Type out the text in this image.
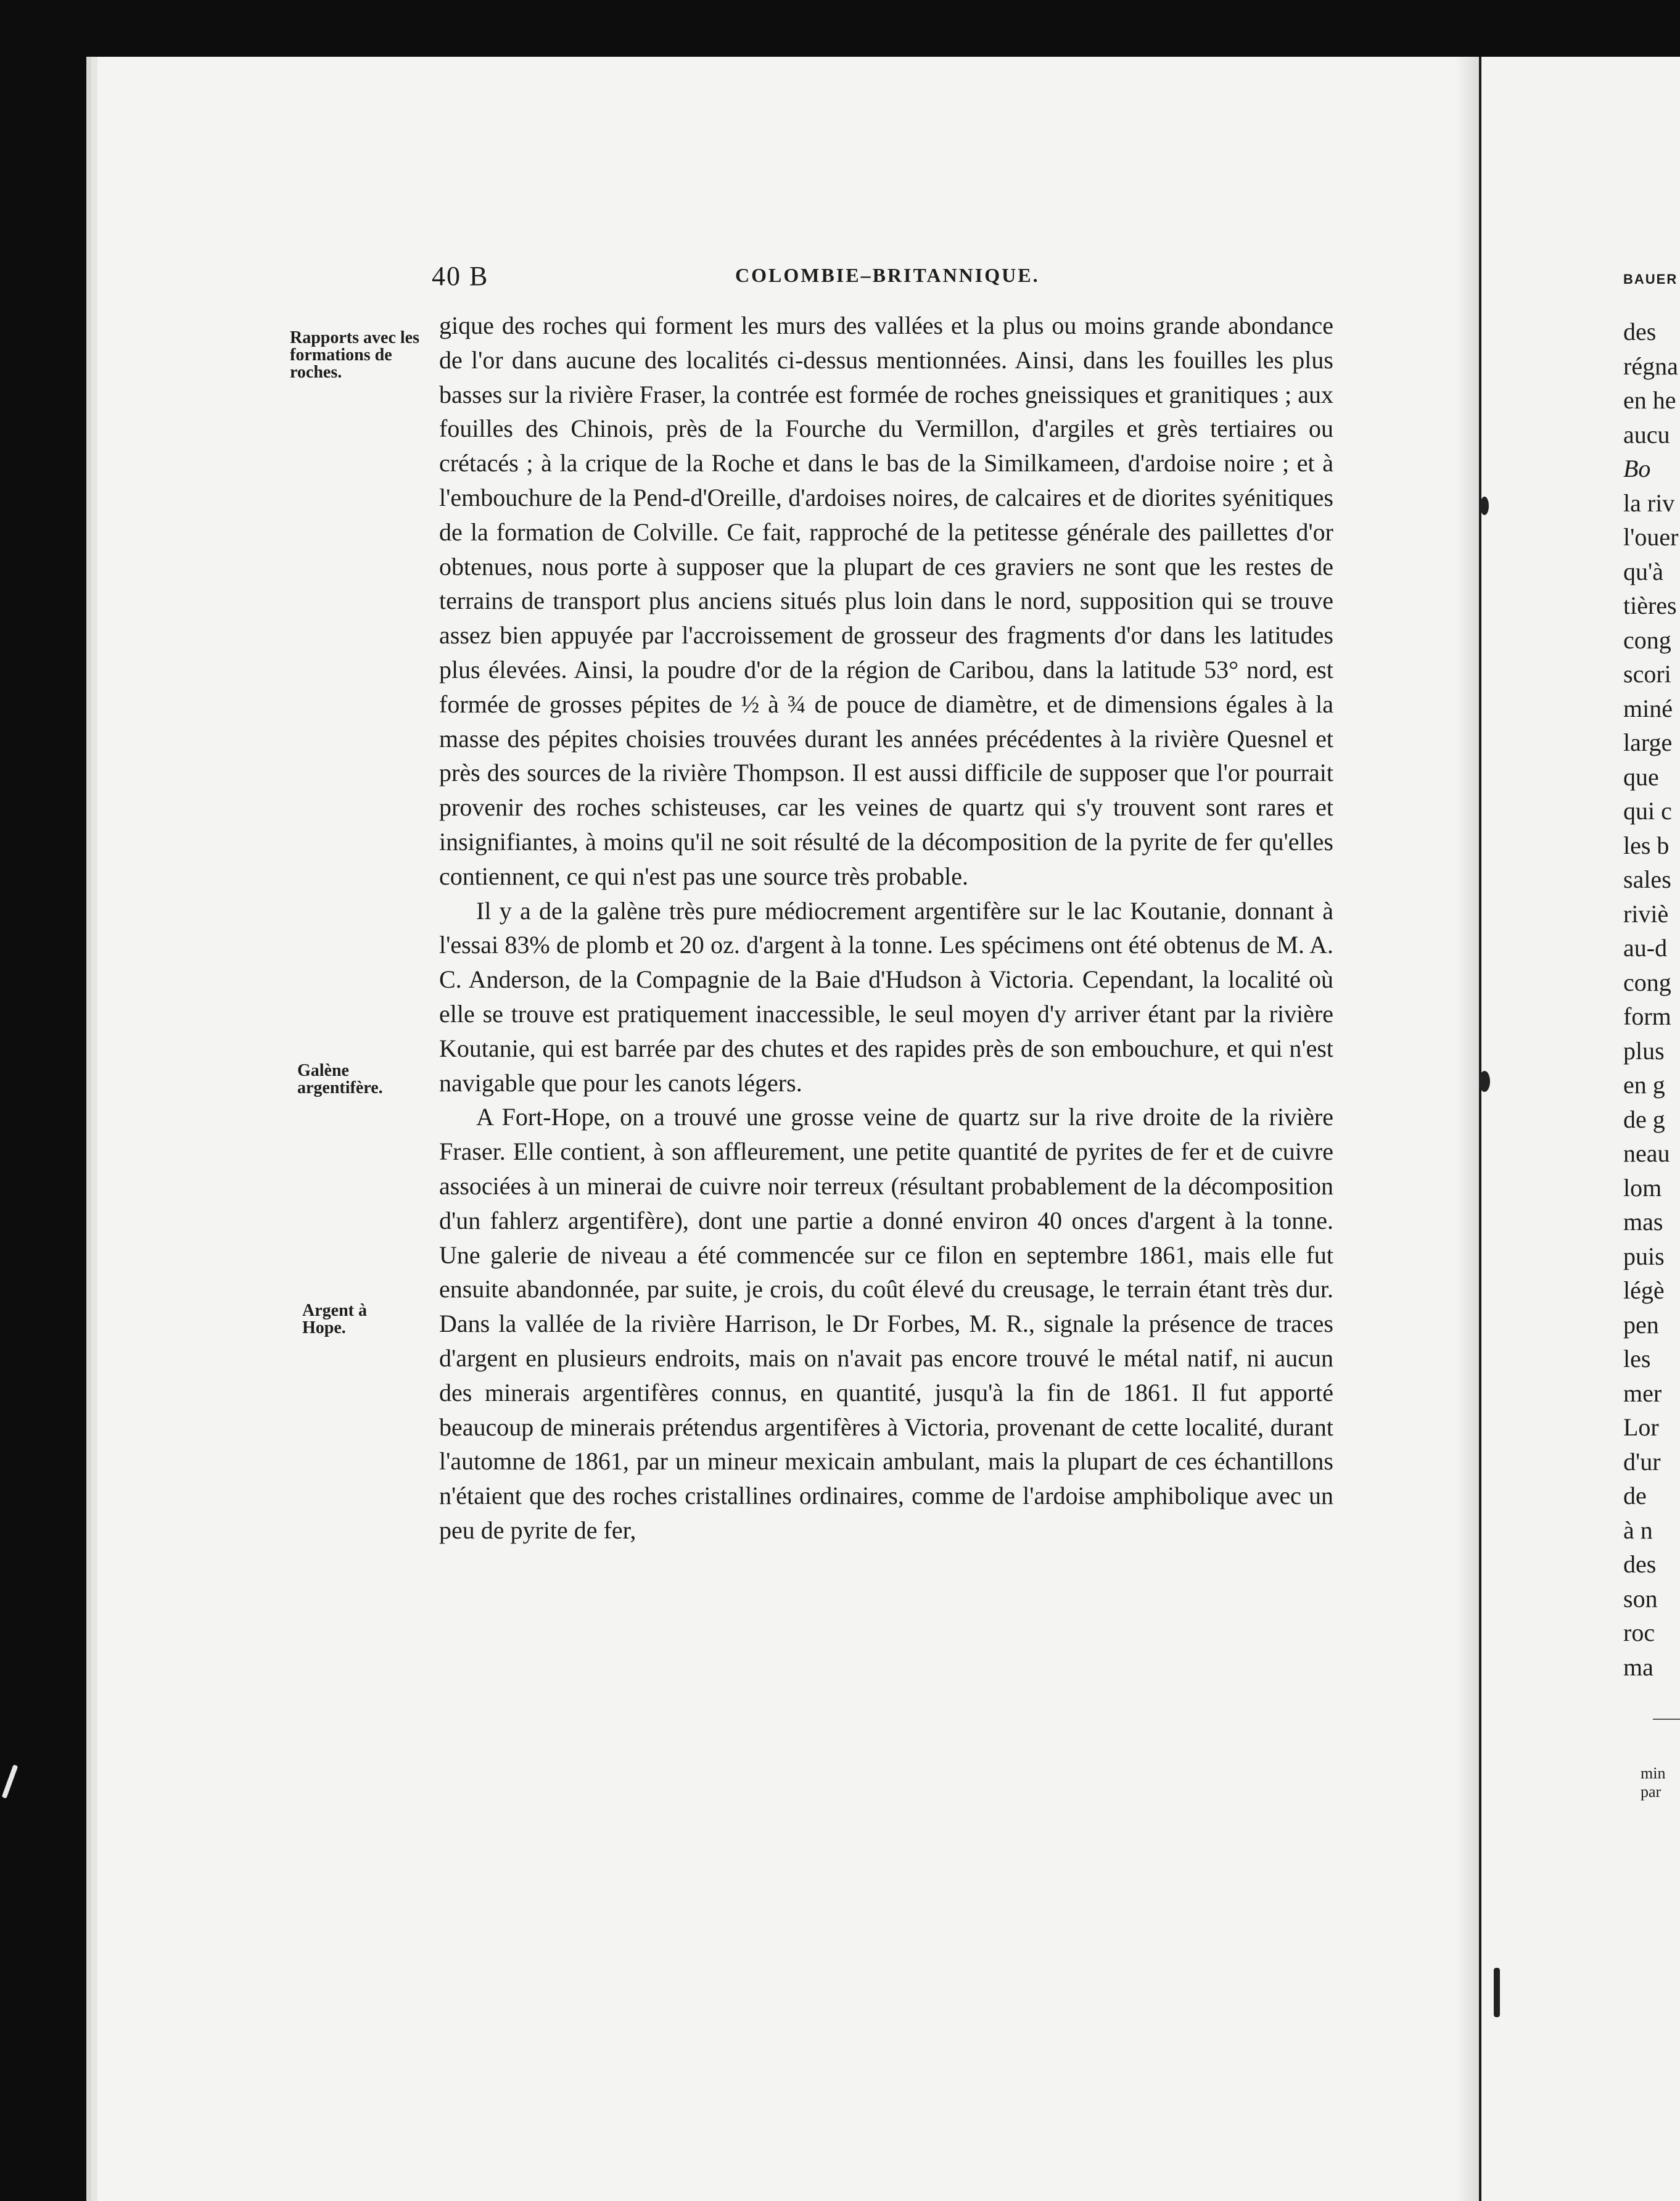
40 B	COLOMBIE–BRITANNIQUE.
Rapports avec les formations de roches.
Galène argentifère.
Argent à Hope.

gique des roches qui forment les murs des vallées et la plus ou moins grande abondance de l'or dans aucune des localités ci-dessus mentionnées. Ainsi, dans les fouilles les plus basses sur la rivière Fraser, la contrée est formée de roches gneissiques et granitiques ; aux fouilles des Chinois, près de la Fourche du Vermillon, d'argiles et grès tertiaires ou crétacés ; à la crique de la Roche et dans le bas de la Similkameen, d'ardoise noire ; et à l'embouchure de la Pend-d'Oreille, d'ardoises noires, de calcaires et de diorites syénitiques de la formation de Colville. Ce fait, rapproché de la petitesse générale des paillettes d'or obtenues, nous porte à supposer que la plupart de ces graviers ne sont que les restes de terrains de transport plus anciens situés plus loin dans le nord, supposition qui se trouve assez bien appuyée par l'accroissement de grosseur des fragments d'or dans les latitudes plus élevées. Ainsi, la poudre d'or de la région de Caribou, dans la latitude 53° nord, est formée de grosses pépites de ½ à ¾ de pouce de diamètre, et de dimensions égales à la masse des pépites choisies trouvées durant les années précédentes à la rivière Quesnel et près des sources de la rivière Thompson. Il est aussi difficile de supposer que l'or pourrait provenir des roches schisteuses, car les veines de quartz qui s'y trouvent sont rares et insignifiantes, à moins qu'il ne soit résulté de la décomposition de la pyrite de fer qu'elles contiennent, ce qui n'est pas une source très probable.

Il y a de la galène très pure médiocrement argentifère sur le lac Koutanie, donnant à l'essai 83% de plomb et 20 oz. d'argent à la tonne. Les spécimens ont été obtenus de M. A. C. Anderson, de la Compagnie de la Baie d'Hudson à Victoria. Cependant, la localité où elle se trouve est pratiquement inaccessible, le seul moyen d'y arriver étant par la rivière Koutanie, qui est barrée par des chutes et des rapides près de son embouchure, et qui n'est navigable que pour les canots légers.

A Fort-Hope, on a trouvé une grosse veine de quartz sur la rive droite de la rivière Fraser. Elle contient, à son affleurement, une petite quantité de pyrites de fer et de cuivre associées à un minerai de cuivre noir terreux (résultant probablement de la décomposition d'un fahlerz argentifère), dont une partie a donné environ 40 onces d'argent à la tonne. Une galerie de niveau a été commencée sur ce filon en septembre 1861, mais elle fut ensuite abandonnée, par suite, je crois, du coût élevé du creusage, le terrain étant très dur. Dans la vallée de la rivière Harrison, le Dr Forbes, M. R., signale la présence de traces d'argent en plusieurs endroits, mais on n'avait pas encore trouvé le métal natif, ni aucun des minerais argentifères connus, en quantité, jusqu'à la fin de 1861. Il fut apporté beaucoup de minerais prétendus argentifères à Victoria, provenant de cette localité, durant l'automne de 1861, par un mineur mexicain ambulant, mais la plupart de ces échantillons n'étaient que des roches cristallines ordinaires, comme de l'ardoise amphibolique avec un peu de pyrite de fer,

BAUER
des
régna
en he
aucu
Bo
la riv
l'ouer
qu'à
tières
cong
scori
miné
large
que
qui c
les b
sales
riviè
au-d
cong
form
plus
en g
de g
neau
lom
mas
puis
légè
pen
les
mer
Lor
d'ur
de
à n
des
son
roc
ma
min
par
